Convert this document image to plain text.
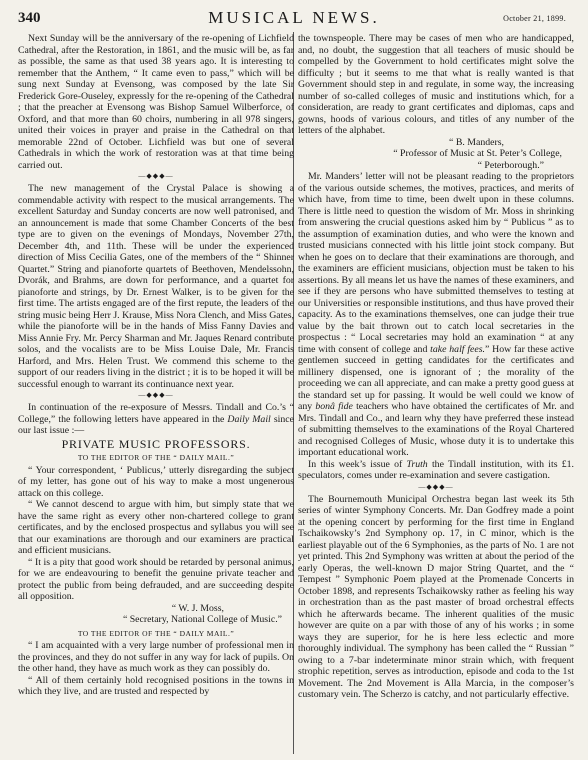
340	MUSICAL NEWS.	October 21, 1899.

Next Sunday will be the anniversary of the re-opening of Lichfield Cathedral, after the Restoration, in 1861, and the music will be, as far as possible, the same as that used 38 years ago. It is interesting to remember that the Anthem, “ It came even to pass,” which will be sung next Sunday at Evensong, was composed by the late Sir Frederick Gore-Ouseley, expressly for the re-opening of the Cathedral ; that the preacher at Evensong was Bishop Samuel Wilberforce, of Oxford, and that more than 60 choirs, numbering in all 978 singers, united their voices in prayer and praise in the Cathedral on that memorable 22nd of October. Lichfield was but one of several Cathedrals in which the work of restoration was at that time being carried out.

—◆◆◆—

The new management of the Crystal Palace is showing a commendable activity with respect to the musical arrangements. The excellent Saturday and Sunday concerts are now well patronised, and an announcement is made that some Chamber Concerts of the best type are to given on the evenings of Mondays, November 27th, December 4th, and 11th. These will be under the experienced direction of Miss Cecilia Gates, one of the members of the “ Shinner Quartet.” String and pianoforte quartets of Beethoven, Mendelssohn, Dvorák, and Brahms, are down for performance, and a quartet for pianoforte and strings, by Dr. Ernest Walker, is to be given for the first time. The artists engaged are of the first repute, the leaders of the string music being Herr J. Krause, Miss Nora Clench, and Miss Gates, while the pianoforte will be in the hands of Miss Fanny Davies and Miss Annie Fry. Mr. Percy Sharman and Mr. Jaques Renard contribute solos, and the vocalists are to be Miss Louise Dale, Mr. Francis Harford, and Mrs. Helen Trust. We commend this scheme to the support of our readers living in the district ; it is to be hoped it will be successful enough to warrant its continuance next year.

—◆◆◆—

In continuation of the re-exposure of Messrs. Tindall and Co.’s “ College,” the following letters have appeared in the Daily Mail since our last issue :—

PRIVATE MUSIC PROFESSORS.
TO THE EDITOR OF THE “ DAILY MAIL.”

“ Your correspondent, ‘ Publicus,’ utterly disregarding the subject of my letter, has gone out of his way to make a most ungenerous attack on this college.

“ We cannot descend to argue with him, but simply state that we have the same right as every other non-chartered college to grant certificates, and by the enclosed prospectus and syllabus you will see that our examinations are thorough and our examiners are practical and efficient musicians.

“ It is a pity that good work should be retarded by personal animus, for we are endeavouring to benefit the genuine private teacher and protect the public from being defrauded, and are succeeding despite all opposition.

“ W. J. Moss,

“ Secretary, National College of Music.”

TO THE EDITOR OF THE “ DAILY MAIL.”

“ I am acquainted with a very large number of professional men in the provinces, and they do not suffer in any way for lack of pupils. On the other hand, they have as much work as they can possibly do.

“ All of them certainly hold recognised positions in the towns in which they live, and are trusted and respected by

the townspeople. There may be cases of men who are handicapped, and, no doubt, the suggestion that all teachers of music should be compelled by the Government to hold certificates might solve the difficulty ; but it seems to me that what is really wanted is that Government should step in and regulate, in some way, the increasing number of so-called colleges of music and institutions which, for a consideration, are ready to grant certificates and diplomas, caps and gowns, hoods of various colours, and titles of any number of the letters of the alphabet.

“ B. Manders,

“ Professor of Music at St. Peter’s College,

“ Peterborough.”

Mr. Manders’ letter will not be pleasant reading to the proprietors of the various outside schemes, the motives, practices, and merits of which have, from time to time, been dwelt upon in these columns. There is little need to question the wisdom of Mr. Moss in shrinking from answering the crucial questions asked him by “ Publicus ” as to the assumption of examination duties, and who were the known and trusted musicians connected with his little joint stock company. But when he goes on to declare that their examinations are thorough, and the examiners are efficient musicians, objection must be taken to his assertions. By all means let us have the names of these examiners, and see if they are persons who have submitted themselves to testing at our Universities or responsible institutions, and thus have proved their capacity. As to the examinations themselves, one can judge their true value by the bait thrown out to catch local secretaries in the prospectus : “ Local secretaries may hold an examination “ at any time with consent of college and take half fees.” How far these active gentlemen succeed in getting candidates for the certificates and millinery dispensed, one is ignorant of ; the morality of the proceeding we can all appreciate, and can make a pretty good guess at the standard set up for passing. It would be well could we know of any bonâ fide teachers who have obtained the certificates of Mr. and Mrs. Tindall and Co., and learn why they have preferred these instead of submitting themselves to the examinations of the Royal Chartered and recognised Colleges of Music, whose duty it is to undertake this important educational work.

In this week’s issue of Truth the Tindall institution, with its £1. speculators, comes under re-examination and severe castigation.

—◆◆◆—

The Bournemouth Municipal Orchestra began last week its 5th series of winter Symphony Concerts. Mr. Dan Godfrey made a point at the opening concert by performing for the first time in England Tschaikowsky’s 2nd Symphony op. 17, in C minor, which is the earliest playable out of the 6 Symphonies, as the parts of No. 1 are not yet printed. This 2nd Symphony was written at about the period of the early Operas, the well-known D major String Quartet, and the “ Tempest ” Symphonic Poem played at the Promenade Concerts in October 1898, and represents Tschaikowsky rather as feeling his way in orchestration than as the past master of broad orchestral effects which he afterwards became. The inherent qualities of the music however are quite on a par with those of any of his works ; in some ways they are superior, for he is here less eclectic and more thoroughly individual. The symphony has been called the “ Russian ” owing to a 7-bar indeterminate minor strain which, with frequent strophic repetition, serves as introduction, episode and coda to the 1st Movement. The 2nd Movement is Alla Marcia, in the composer’s customary vein. The Scherzo is catchy, and not particularly effective.
